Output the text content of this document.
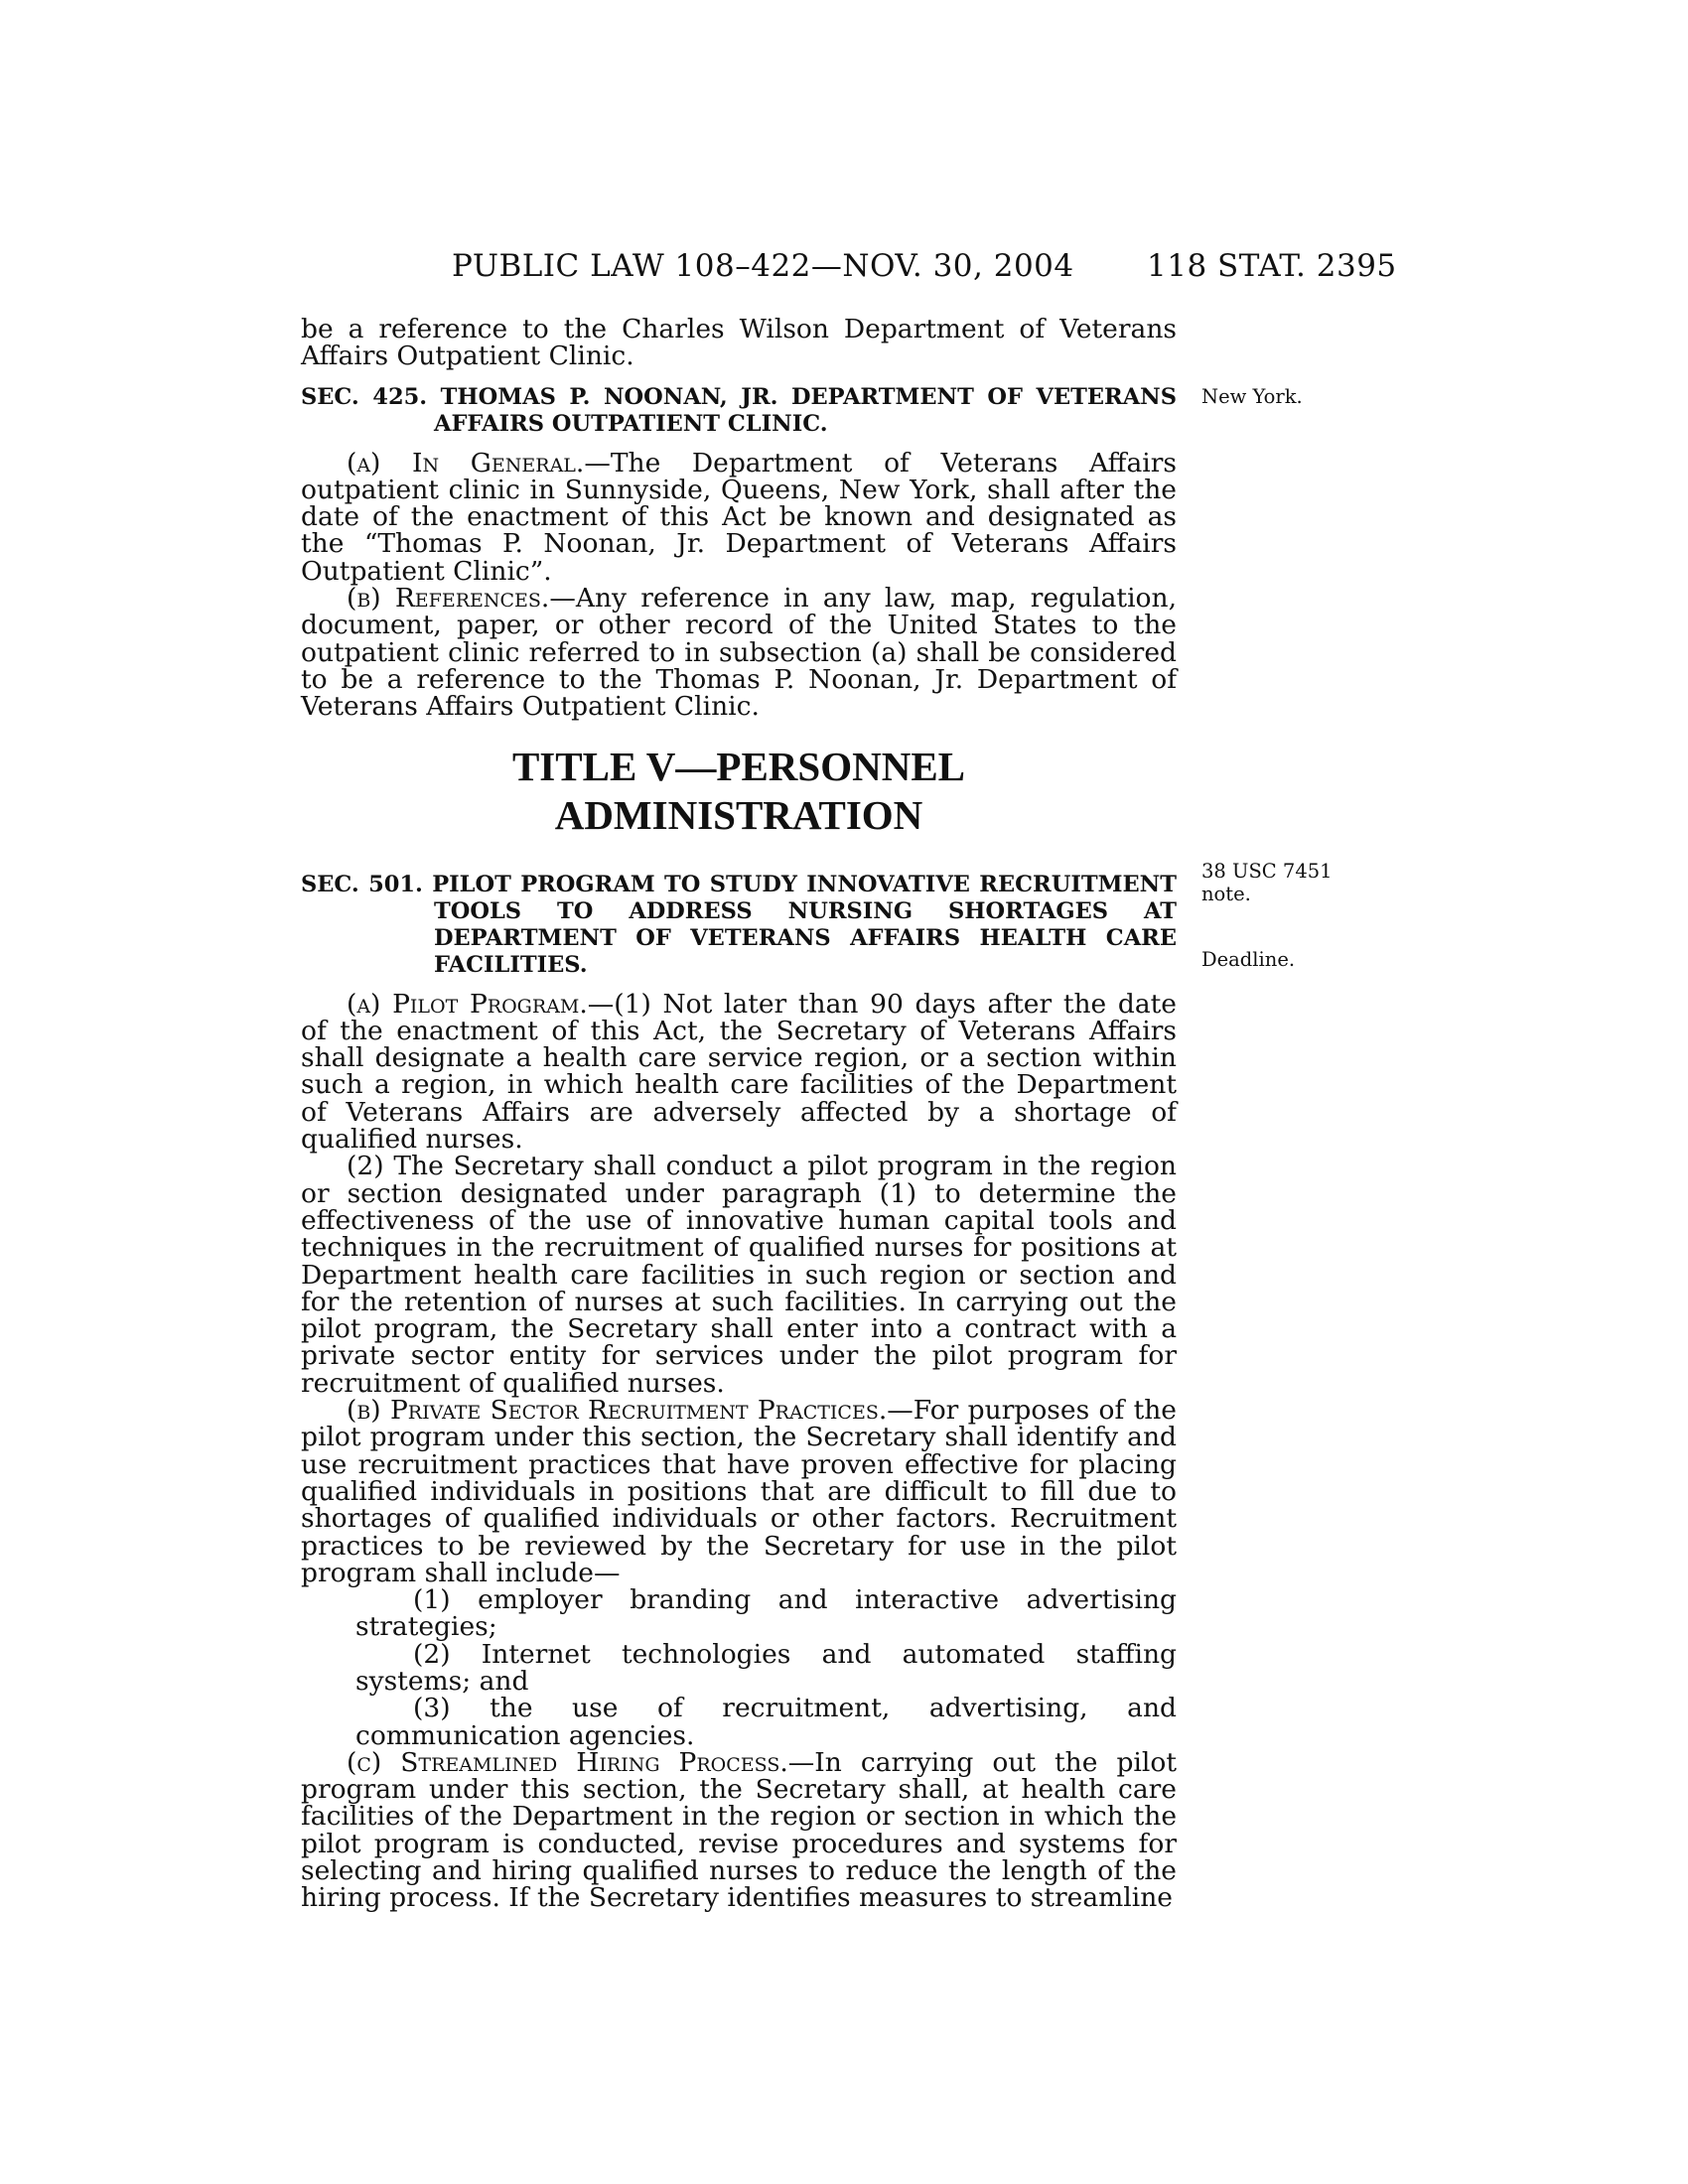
PUBLIC LAW 108–422—NOV. 30, 2004 118 STAT. 2395
New York.
38 USC 7451
note.
Deadline.

be a reference to the Charles Wilson Department of Veterans Affairs Outpatient Clinic.

SEC. 425. THOMAS P. NOONAN, JR. DEPARTMENT OF VETERANS AFFAIRS OUTPATIENT CLINIC.

(a) In General.—The Department of Veterans Affairs outpatient clinic in Sunnyside, Queens, New York, shall after the date of the enactment of this Act be known and designated as the “Thomas P. Noonan, Jr. Department of Veterans Affairs Outpatient Clinic”.

(b) References.—Any reference in any law, map, regulation, document, paper, or other record of the United States to the outpatient clinic referred to in subsection (a) shall be considered to be a reference to the Thomas P. Noonan, Jr. Department of Veterans Affairs Outpatient Clinic.

TITLE V—PERSONNEL
ADMINISTRATION
SEC. 501. PILOT PROGRAM TO STUDY INNOVATIVE RECRUITMENT TOOLS TO ADDRESS NURSING SHORTAGES AT DEPARTMENT OF VETERANS AFFAIRS HEALTH CARE FACILITIES.

(a) Pilot Program.—(1) Not later than 90 days after the date of the enactment of this Act, the Secretary of Veterans Affairs shall designate a health care service region, or a section within such a region, in which health care facilities of the Department of Veterans Affairs are adversely affected by a shortage of qualified nurses.

(2) The Secretary shall conduct a pilot program in the region or section designated under paragraph (1) to determine the effectiveness of the use of innovative human capital tools and techniques in the recruitment of qualified nurses for positions at Department health care facilities in such region or section and for the retention of nurses at such facilities. In carrying out the pilot program, the Secretary shall enter into a contract with a private sector entity for services under the pilot program for recruitment of qualified nurses.

(b) Private Sector Recruitment Practices.—For purposes of the pilot program under this section, the Secretary shall identify and use recruitment practices that have proven effective for placing qualified individuals in positions that are difficult to fill due to shortages of qualified individuals or other factors. Recruitment practices to be reviewed by the Secretary for use in the pilot program shall include—

(1) employer branding and interactive advertising strategies;

(2) Internet technologies and automated staffing systems; and

(3) the use of recruitment, advertising, and communication agencies.

(c) Streamlined Hiring Process.—In carrying out the pilot program under this section, the Secretary shall, at health care facilities of the Department in the region or section in which the pilot program is conducted, revise procedures and systems for selecting and hiring qualified nurses to reduce the length of the hiring process. If the Secretary identifies measures to streamline
